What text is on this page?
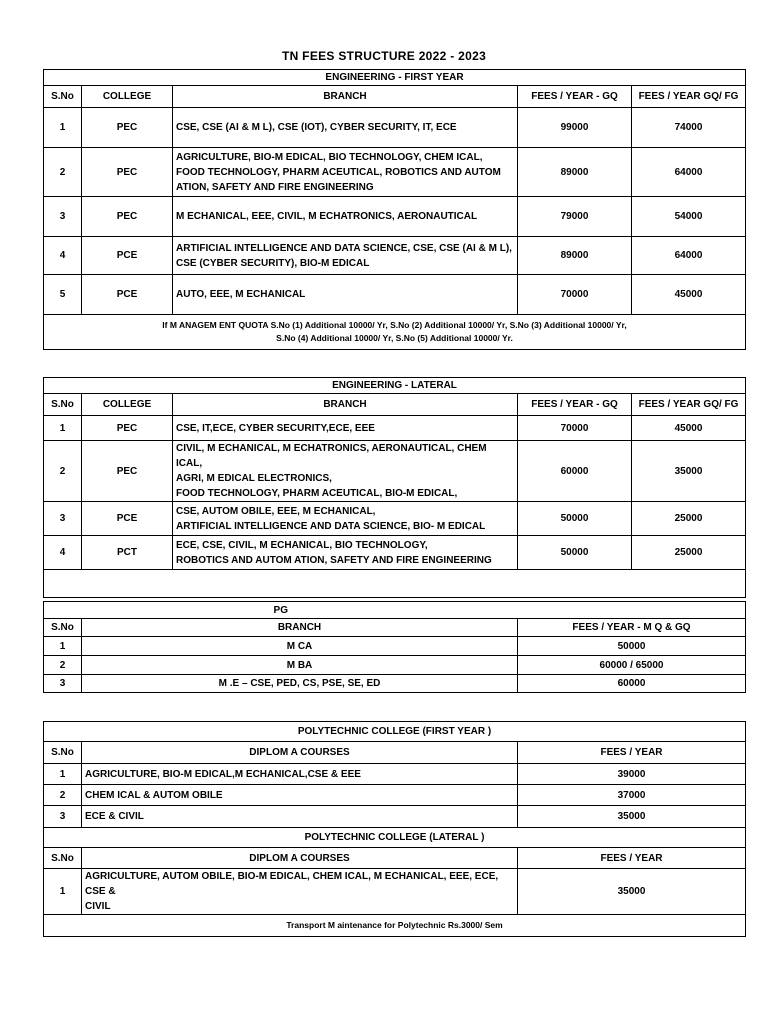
TN FEES STRUCTURE 2022 - 2023
ENGINEERING - FIRST YEAR				
S.No	COLLEGE	BRANCH	FEES / YEAR - GQ	FEES / YEAR GQ/ FG
1	PEC	CSE, CSE (AI & M L), CSE (IOT), CYBER SECURITY, IT, ECE	99000	74000
2	PEC	AGRICULTURE, BIO-M EDICAL, BIO TECHNOLOGY, CHEM ICAL, FOOD TECHNOLOGY, PHARM ACEUTICAL, ROBOTICS AND AUTOM ATION, SAFETY AND FIRE ENGINEERING	89000	64000
3	PEC	M ECHANICAL, EEE, CIVIL, M ECHATRONICS, AERONAUTICAL	79000	54000
4	PCE	ARTIFICIAL INTELLIGENCE AND DATA SCIENCE, CSE, CSE (AI & M L), CSE (CYBER SECURITY), BIO-M EDICAL	89000	64000
5	PCE	AUTO, EEE, M ECHANICAL	70000	45000

If M ANAGEM ENT QUOTA S.No (1) Additional 10000/ Yr, S.No (2) Additional 10000/ Yr, S.No (3) Additional 10000/ Yr,
S.No (4) Additional 10000/ Yr, S.No (5) Additional 10000/ Yr.				
ENGINEERING - LATERAL				
S.No	COLLEGE	BRANCH	FEES / YEAR - GQ	FEES / YEAR GQ/ FG
1	PEC	CSE, IT,ECE, CYBER SECURITY,ECE, EEE	70000	45000
2	PEC	CIVIL, M ECHANICAL, M ECHATRONICS, AERONAUTICAL, CHEM ICAL,
AGRI, M EDICAL ELECTRONICS,
FOOD TECHNOLOGY, PHARM ACEUTICAL, BIO-M EDICAL,	60000	35000
3	PCE	CSE, AUTOM OBILE, EEE, M ECHANICAL,
ARTIFICIAL INTELLIGENCE AND DATA SCIENCE, BIO- M EDICAL	50000	25000
4	PCT	ECE, CSE, CIVIL, M ECHANICAL, BIO TECHNOLOGY,
ROBOTICS AND AUTOM ATION, SAFETY AND FIRE ENGINEERING	50000	25000

PG		
S.No	BRANCH	FEES / YEAR - M Q & GQ
1	M CA	50000
2	M BA	60000 / 65000
3	M .E – CSE, PED, CS, PSE, SE, ED	60000
POLYTECHNIC COLLEGE (FIRST YEAR )		
S.No	DIPLOM A COURSES	FEES / YEAR
1	AGRICULTURE, BIO-M EDICAL,M ECHANICAL,CSE & EEE	39000
2	CHEM ICAL & AUTOM OBILE	37000
3	ECE & CIVIL	35000
POLYTECHNIC COLLEGE (LATERAL )		
S.No	DIPLOM A COURSES	FEES / YEAR
1	AGRICULTURE, AUTOM OBILE, BIO-M EDICAL, CHEM ICAL, M ECHANICAL, EEE, ECE, CSE &
CIVIL	35000
Transport M aintenance for Polytechnic Rs.3000/ Sem		
